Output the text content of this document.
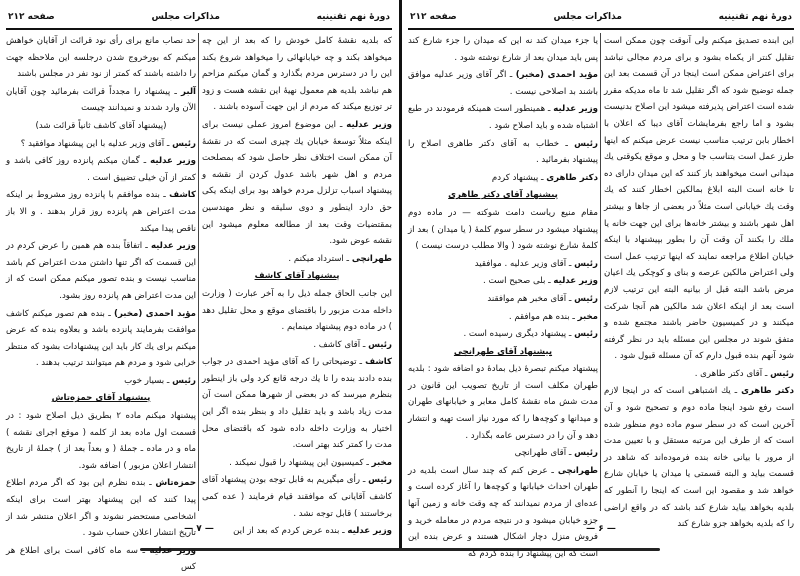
دورهٔ نهم تقنینیه
مذاکرات مجلس
صفحه ۲۱۲

که بلدیه نقشهٔ کامل خودش را که بعد از این چه میخواهد بکند و چه خیابانهائی را میخواهد شروع بکند این را در دسترس مردم بگذارد و گمان میکنم مزاحم هم نباشد بلدیه هم معمول نهیهٔ این نقشه هست و زود تر توزیع میکند که مردم از این جهت آسوده باشند .

وزیر عدلیه ـ این موضوع امروز عملی نیست برای اینکه مثلاً توسعهٔ خیابان یك چیزی است که در نقشهٔ آن ممکن است اختلاف نظر حاصل شود که بمصلحت مردم و اهل شهر باشد عدول کردن از نقشه و پیشنهاد اسباب تزلزل مردم خواهد بود برای اینکه یکی حق دارد اینطور و دوی سلیقه و نظر مهندسین بمقتضیات وقت بعد از مطالعه معلوم میشود این نقشه عوض شود.

طهرانچی ـ استرداد میکنم .

پیشنهاد آقای کاشف

این جانب الحاق جمله ذیل را به آخر عبارت ( وزارت داخله مدت مزبور را باقتضای موقع و محل تقلیل دهد ) در ماده دوم پیشنهاد مینمایم .

رئیس ـ آقای کاشف .

کاشف ـ توضیحاتی را که آقای مؤید احمدی در جواب بنده دادند بنده را تا یك درجه قانع کرد ولی باز اینطور بنظرم میرسد که در بعضی از شهرها ممکن است آن مدت زیاد باشد و باید تقلیل داد و بنظر بنده اگر این اختیار به وزارت داخله داده شود که باقتضای محل مدت را کمتر کند بهتر است.

مخبر ـ کمیسیون این پیشنهاد را قبول نمیکند .

رئیس ـ رأی میگیریم به قابل توجه بودن پیشنهاد آقای کاشف آقایانی که موافقند قیام فرمایند ( عده کمی برخاستند ) قابل توجه نشد .

وزیر عدلیه ـ بنده عرض کردم که بعد از این

حد نصاب مانع برای رأی نود قرائت از آقایان خواهش میکنم که بورخروج شدن درجلسه این ملاحظه جهت را داشته باشند که کمتر از نود نفر در مجلس باشند

آلبر ـ پیشنهاد را مجدداً قرائت بفرمائید چون آقایان الآن وارد شدند و نمیدانند چیست

(پیشنهاد آقای کاشف ثانیاً قرائت شد)

رئیس ـ آقای وزیر عدلیه با این پیشنهاد موافقید ؟

وزیر عدلیه ـ گمان میکنم پانزده روز کافی باشد و کمتر از آن خیلی تضییق است .

کاشف ـ بنده موافقم با پانزده روز مشروط بر اینکه مدت اعتراض هم پانزده روز قرار بدهند . و الا باز ناقص پیدا میکند

وزیر عدلیه ـ اتفاقاً بنده هم همین را عرض کردم در این قسمت که اگر تنها داشتن مدت اعتراض کم باشد مناسب نیست و بنده تصور میکنم ممکن است که از این مدت اعتراض هم پانزده روز بشود.

مؤید احمدی (مخبر) ـ بنده هم تصور میکنم کاشف موافقت بفرمایند پانزده باشد و بعلاوه بنده که عرض میکنم برای یك کار باید این پیشنهادات بشود که منتظر خرابی شود و مردم هم میتوانند ترتیب بدهند .

رئیس ـ بسیار خوب

پیشنهاد آقای حمزه‌تاش

پیشنهاد میکنم ماده ۲ بطریق ذیل اصلاح شود : در قسمت اول ماده بعد از کلمه ( موقع اجرای نقشه ) ماه و در ماده ـ جملهٔ ( و بعداً بعد از ) جملهٔ از تاریخ انتشار اعلان مزبور ) اضافه شود.

حمزه‌تاش ـ بنده نظرم این بود که اگر مردم اطلاع پیدا کنند که این پیشنهاد بهتر است برای اینکه اشخاصی مستحضر نشوند و اگر اعلان منتشر شد از تاریخ انتشار اعلان حساب شود .

وزیر عدلیه ـ سه ماه کافی است برای اطلاع هر کس

— ۷ —
دورهٔ نهم تقنینیه
مذاکرات مجلس
صفحه ۲۱۲

این ابنده تصدیق میکنم ولی آنوقت چون ممکن است تقلیل کنتر از یکماه بشود و برای مردم مجالی نباشد برای اعتراض ممکن است اینجا در آن قسمت بعد این جمله توضیح شود که اگر تقلیل شد تا ماه مدیکه مقرر شده است اعتراض پذیرفته میشود این اصلاح بدنیست بشود و اما راجع بفرمایشات آقای دیبا که اعلان با اخطار بابن ترتیب مناسب نیست عرض میکنم که اینها طرز عمل است بتناسب جا و محل و موقع یکوقتی یك میدانی است میخواهند باز کنند که این میدان دارای ده تا خانه است البته ابلاغ بمالکین اخطار کنند که یك وقت یك خیابانی است مثلاً در بعضی از جاها و بیشتر اهل شهر باشند و بیشتر خانه‌ها برای این جهت خانه یا ملك را بکنند آن وقت آن را بطور بپیشنهاد با اینکه خیابان اطلاع مراجعه نمایند که اینها ترتیب عمل است ولی اعتراض مالکین عرصه و بنای و کوچکی یك اعیان مرض باشد البته قبل از بیانیه البته این ترتیب لازم است بعد از اینکه اعلان شد مالکین هم آنجا شرکت میکنند و در کمیسیون حاضر باشند مجتمع شده و متفق شوند در مجلس این مسئله باید در نظر گرفته شود آنهم بنده قبول دارم که آن مسئله قبول شود .

رئیس ـ آقای دکتر طاهری .

دکتر طاهری ـ یك اشتباهی است که در اینجا لازم است رفع شود اینجا ماده دوم و تصحیح شود و آن آخرین است که در سطر سوم ماده دوم منظور شده است که از طرف این مرتبه مستقل و با تعیین مدت از مرور با بیانی خانه بنده فرموده‌اند که شاهد در قسمت بیاید و البته قسمتی یا میدان یا خیابان شارع خواهد شد و مقصود این است که اینجا را آنطور که بلدیه بخواهد بیاید شارع کند باشد که در واقع اراضی را که بلدیه بخواهد جزو شارع کند

یا جزء میدان کند نه این که میدان را جزء شارع کند پس باید میدان بعد از شارع نوشته شود .

مؤید احمدی (مخبر) ـ اگر آقای وزیر عدلیه موافق باشند بد اصلاحی نیست .

وزیر عدلیه ـ همینطور است همینکه فرمودند در طبع اشتباه شده و باید اصلاح شود .

رئیس ـ خطاب به آقای دکتر طاهری اصلاح را پیشنهاد بفرمائید .

دکتر طاهری ـ پیشنهاد کردم

پیشنهاد آقای دکتر طاهری

مقام منیع ریاست دامت شوکته — در ماده دوم پیشنهاد میشود در سطر سوم کلمهٔ ( یا میدان ) بعد از کلمهٔ شارع نوشته شود ( والا مطلب درست نیست )

رئیس ـ آقای وزیر عدلیه . موافقید

وزیر عدلیه ـ بلی صحیح است .

رئیس ـ آقای مخبر هم موافقند

مخبر ـ بنده هم موافقم .

رئیس ـ پیشنهاد دیگری رسیده است .

پیشنهاد آقای طهرانچی

پیشنهاد میکنم تبصرهٔ ذیل بمادهٔ دو اضافه شود : بلدیه طهران مکلف است از تاریخ تصویب این قانون در مدت شش ماه نقشهٔ کامل معابر و خیابانهای طهران و میدانها و کوچه‌ها را که مورد نیاز است تهیه و انتشار دهد و آن را در دسترس عامه بگذارد .

رئیس ـ آقای طهرانچی

طهرانچی ـ عرض کنم که چند سال است بلدیه در طهران احداث خیابانها و کوچه‌ها را آغاز کرده است و عده‌ای از مردم نمیدانند که چه وقت خانه و زمین آنها جزو خیابان میشود و در نتیجه مردم در معامله خرید و فروش منزل دچار اشکال هستند و عرض بنده این است که این پیشنهاد را بنده کردم که

— ۶ —
